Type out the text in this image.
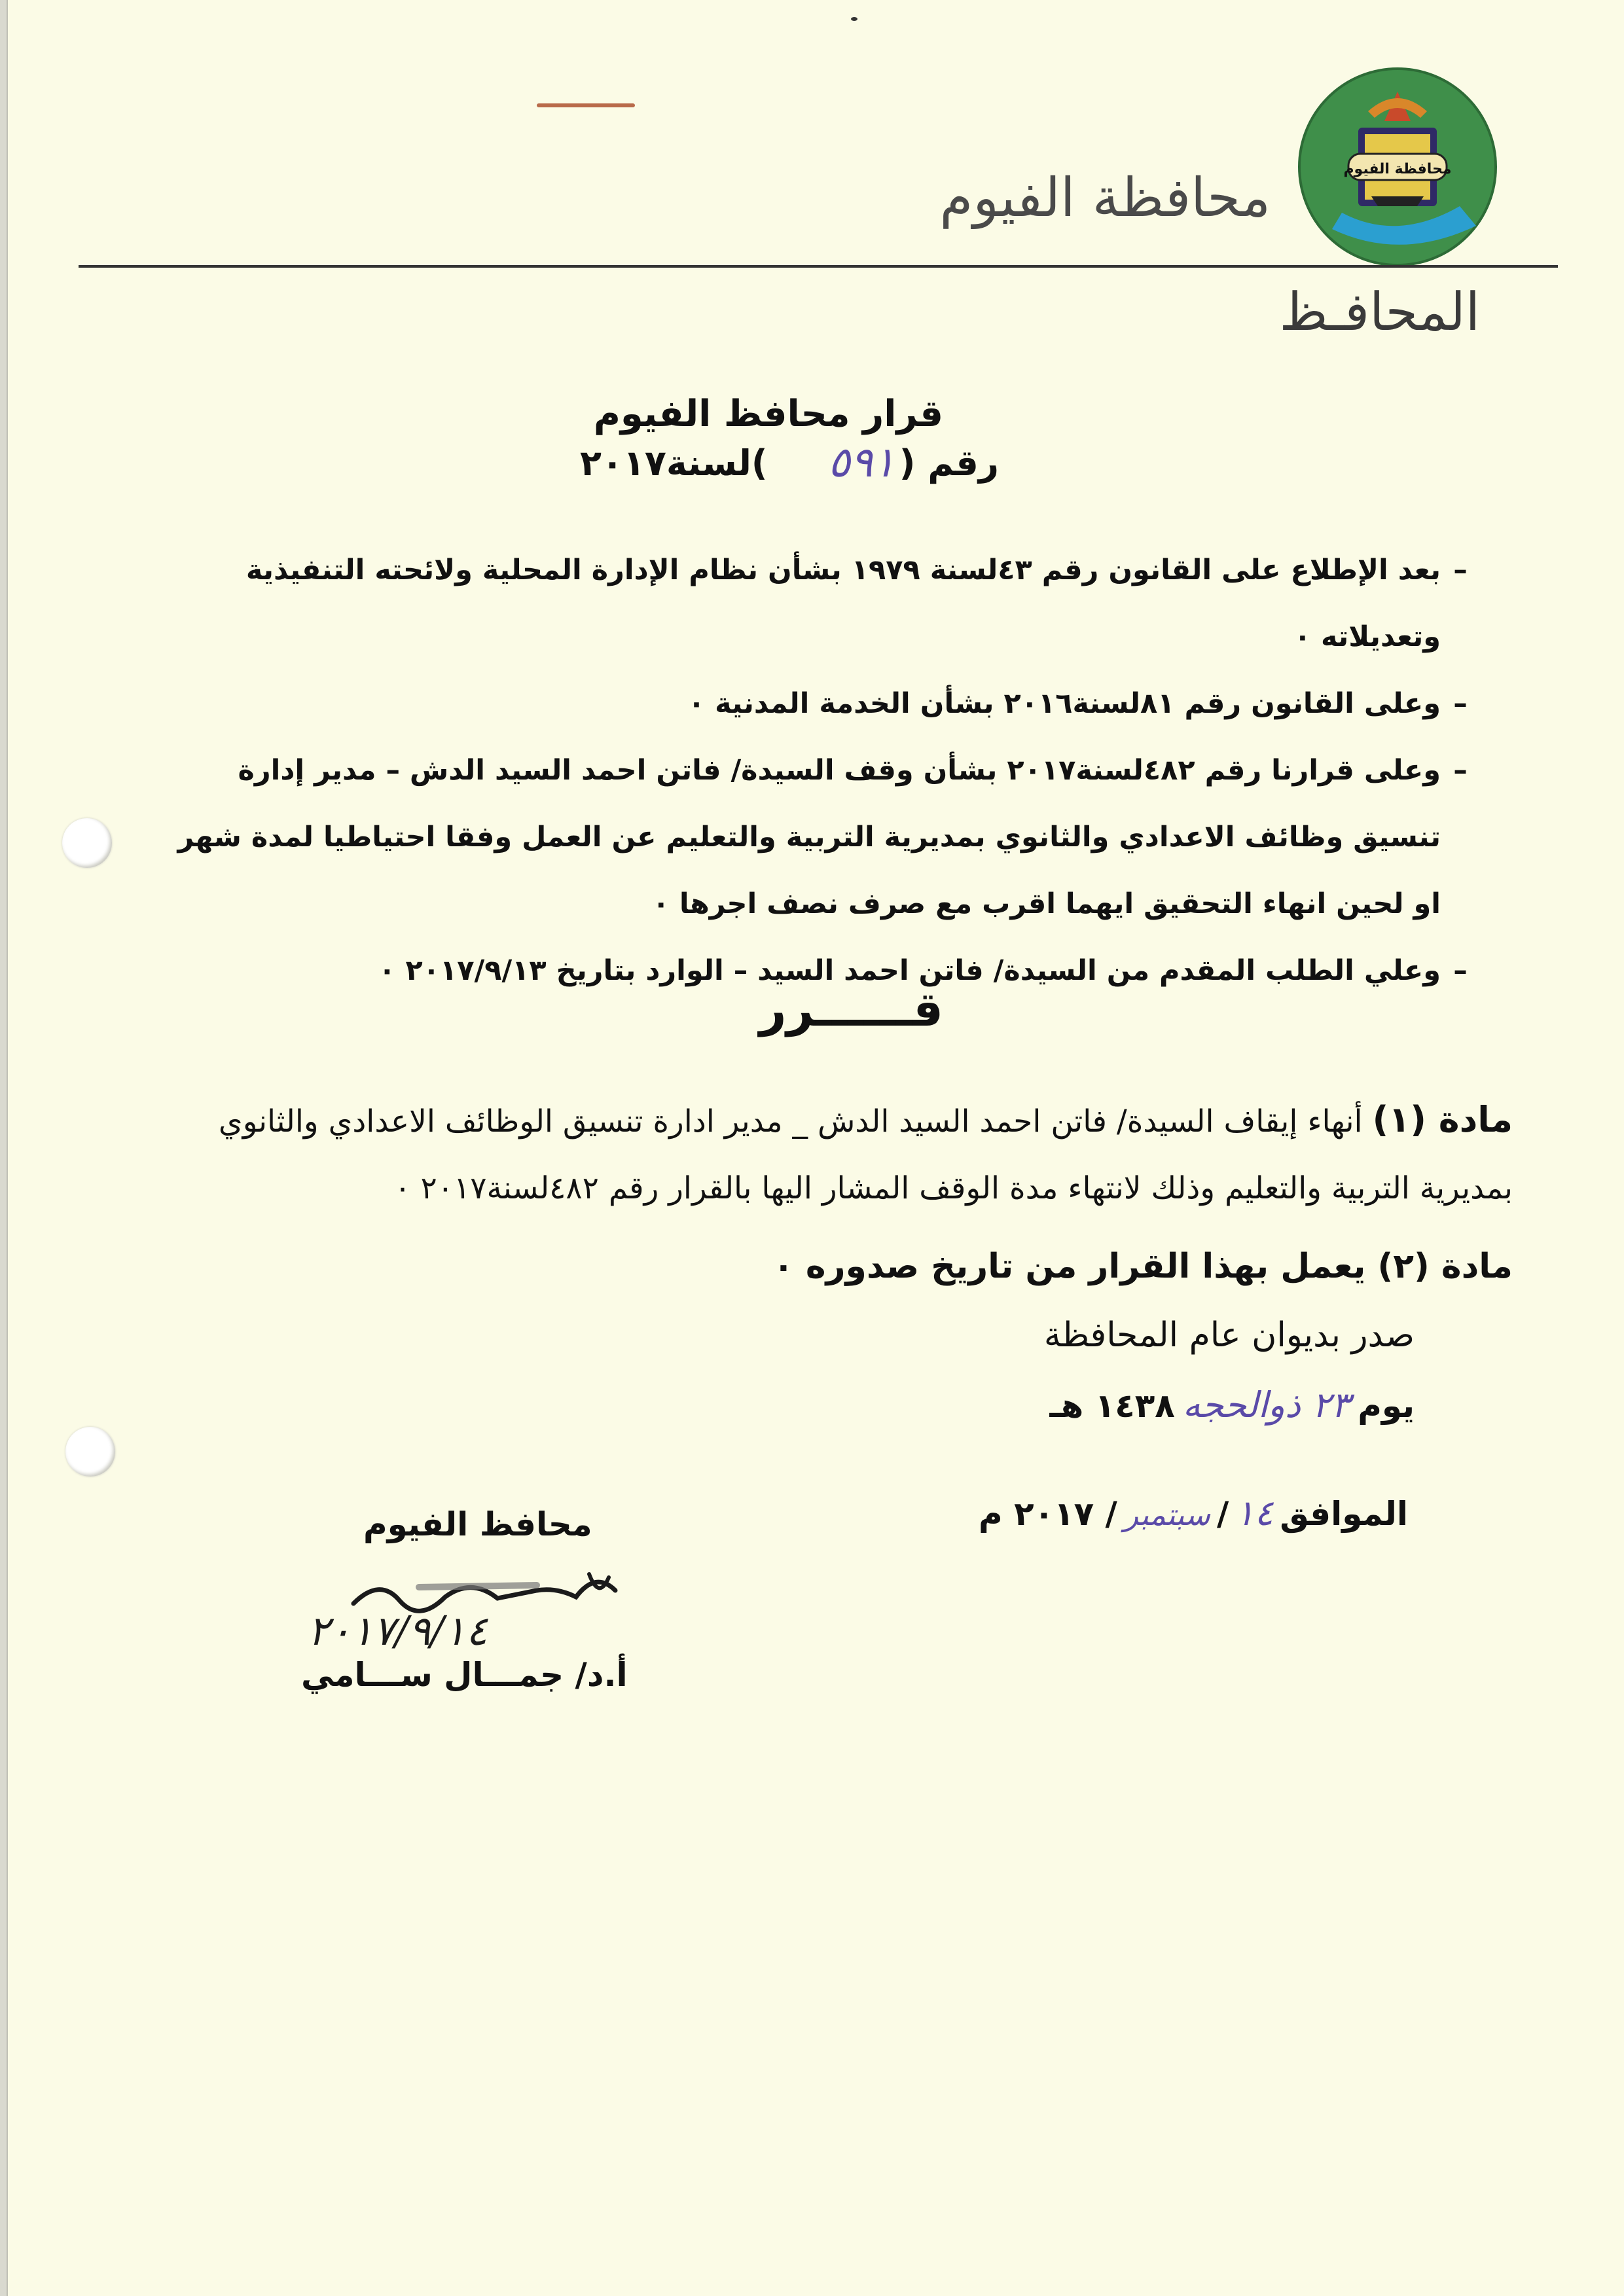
محافظة الفيوم
محافظة الفيوم
المحافـظ
قرار محافظ الفيوم
رقم (
٥٩١
)لسنة٢٠١٧
–
بعد الإطلاع على القانون رقم ٤٣لسنة ١٩٧٩ بشأن نظام الإدارة المحلية ولائحته التنفيذية وتعديلاته ٠
–
وعلى القانون رقم ٨١لسنة٢٠١٦ بشأن الخدمة المدنية ٠
–
وعلى قرارنا رقم ٤٨٢لسنة٢٠١٧ بشأن وقف السيدة/ فاتن احمد السيد الدش – مدير إدارة تنسيق وظائف الاعدادي والثانوي بمديرية التربية والتعليم عن العمل وفقا احتياطيا لمدة شهر او لحين انهاء التحقيق ايهما اقرب مع صرف نصف اجرها ٠
–
وعلي الطلب المقدم من السيدة/ فاتن احمد السيد – الوارد بتاريخ ٢٠١٧/٩/١٣ ٠
قــــــرر
مادة (١) أنهاء إيقاف السيدة/ فاتن احمد السيد الدش _ مدير ادارة تنسيق الوظائف الاعدادي والثانوي بمديرية التربية والتعليم وذلك لانتهاء مدة الوقف المشار اليها بالقرار رقم ٤٨٢لسنة٢٠١٧ ٠
مادة (٢) يعمل بهذا القرار من تاريخ صدوره ٠
صدر بديوان عام المحافظة
يوم
٢٣ ذوالحجه
١٤٣٨ هـ
الموافق
١٤
/
سبتمبر
/ ٢٠١٧ م
محافظ الفيوم
٢٠١٧/٩/١٤
أ.د/ جمـــال ســـامي
